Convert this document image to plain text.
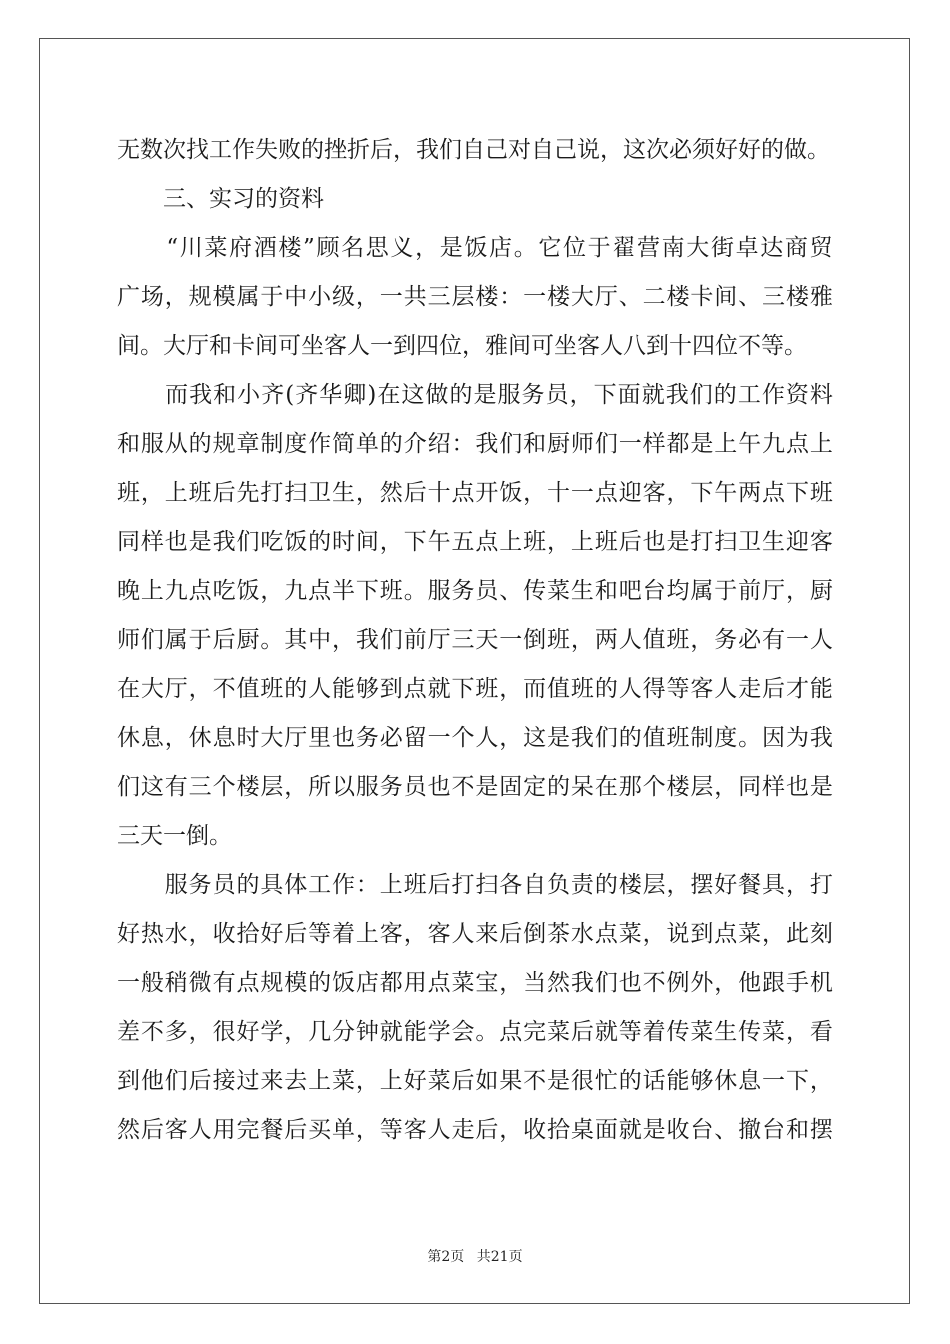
无数次找工作失败的挫折后，我们自己对自己说，这次必须好好的做。
　　三、实习的资料

“ 川 菜 府 酒 楼 ” 顾 名 思 义 ， 是 饭 店 。 它 位 于 翟 营 南 大 街 卓 达 商 贸
广 场 ， 规 模 属 于 中 小 级 ， 一 共 三 层 楼 ： 一 楼 大 厅 、 二 楼 卡 间 、 三 楼 雅
间。大厅和卡间可坐客人一到四位，雅间可坐客人八到十四位不等。

而 我 和 小 齐 ( 齐 华 卿 ) 在 这 做 的 是 服 务 员 ， 下 面 就 我 们 的 工 作 资 料
和 服 从 的 规 章 制 度 作 简 单 的 介 绍 ： 我 们 和 厨 师 们 一 样 都 是 上 午 九 点 上
班 ， 上 班 后 先 打 扫 卫 生 ， 然 后 十 点 开 饭 ， 十 一 点 迎 客 ， 下 午 两 点 下 班
同 样 也 是 我 们 吃 饭 的 时 间 ， 下 午 五 点 上 班 ， 上 班 后 也 是 打 扫 卫 生 迎 客
晚 上 九 点 吃 饭 ， 九 点 半 下 班 。 服 务 员 、 传 菜 生 和 吧 台 均 属 于 前 厅 ， 厨
师 们 属 于 后 厨 。 其 中 ， 我 们 前 厅 三 天 一 倒 班 ， 两 人 值 班 ， 务 必 有 一 人
在 大 厅 ， 不 值 班 的 人 能 够 到 点 就 下 班 ， 而 值 班 的 人 得 等 客 人 走 后 才 能
休 息 ， 休 息 时 大 厅 里 也 务 必 留 一 个 人 ， 这 是 我 们 的 值 班 制 度 。 因 为 我
们 这 有 三 个 楼 层 ， 所 以 服 务 员 也 不 是 固 定 的 呆 在 那 个 楼 层 ， 同 样 也 是
三天一倒。

服 务 员 的 具 体 工 作 ： 上 班 后 打 扫 各 自 负 责 的 楼 层 ， 摆 好 餐 具 ， 打
好 热 水 ， 收 拾 好 后 等 着 上 客 ， 客 人 来 后 倒 茶 水 点 菜 ， 说 到 点 菜 ， 此 刻
一 般 稍 微 有 点 规 模 的 饭 店 都 用 点 菜 宝 ， 当 然 我 们 也 不 例 外 ， 他 跟 手 机
差 不 多 ， 很 好 学 ， 几 分 钟 就 能 学 会 。 点 完 菜 后 就 等 着 传 菜 生 传 菜 ， 看
到 他 们 后 接 过 来 去 上 菜 ， 上 好 菜 后 如 果 不 是 很 忙 的 话 能 够 休 息 一 下 ，
然 后 客 人 用 完 餐 后 买 单 ， 等 客 人 走 后 ， 收 拾 桌 面 就 是 收 台 、 撤 台 和 摆
第2页 共21页
